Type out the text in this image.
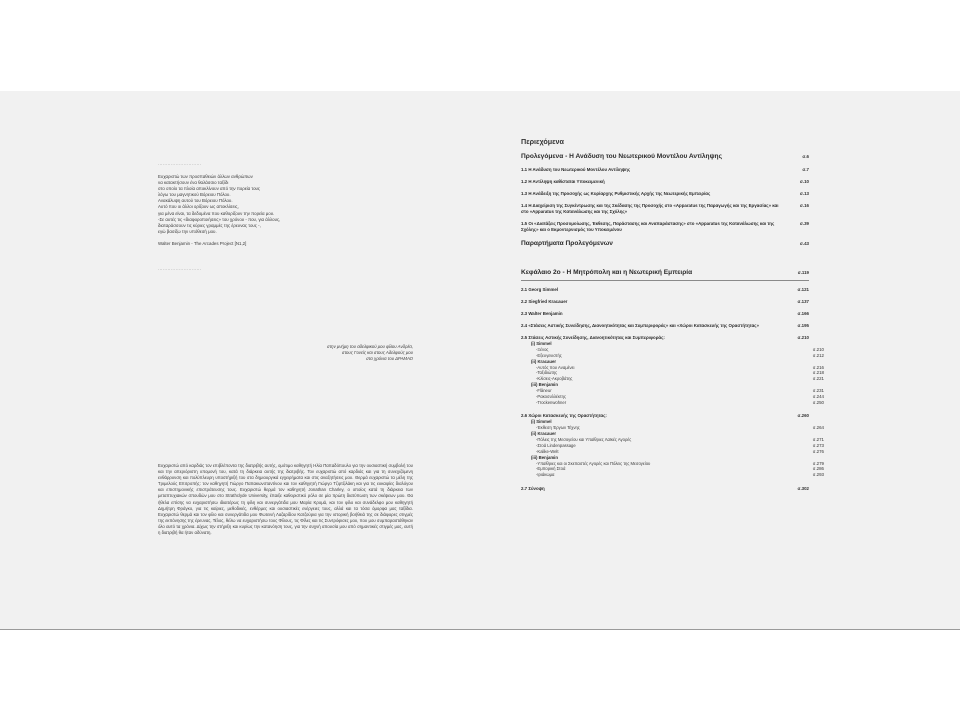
...........................
Ευχαριστώ των προσπαθειών άλλων ανθρώπων
να κατακτήσουν ένα θαλάσσιο ταξίδι
στο οποίο τα πλοία αποκλίνουν από την πορεία τους
λόγω του μαγνητικού Βόρειου Πόλου.
Ανακάλυψη αυτού του Βόρειου Πόλου.
Αυτό που οι άλλοι ορίζουν ως αποκλίσεις,
για μένα είναι, τα δεδομένα που καθορίζουν την πορεία μου.
-Σε αυτές τις «διαφοροποιήσεις» του χρόνου - που, για άλλους,
διαταράσσουν τις κύριες γραμμές της έρευνας τους -,
εγώ βασίζω την υπόθεσή μου.
Walter Benjamin - The Arcades Project [N1,2]
...........................
στην μνήμη του αδελφικού μου φίλου Ανδρέα,
στους Γονείς και στους Αδελφούς μου
στα χρόνια του ΔΡΑΜΑΟ
Ευχαριστώ από καρδιάς τον επιβλέποντα της διατριβής αυτής, ομότιμο καθηγητή Ηλία Παπαδόπουλο για την ουσιαστική συμβολή του και την απεριόριστη υπομονή του, κατά τη διάρκεια αυτής της διατριβής. Τον ευχαριστώ από καρδιάς και για τη συνεχιζόμενη ενθάρρυνση και πολύπλευρη υποστήριξή του στα δημιουργικά εγχειρήματα και στις αναζητήσεις μου. Θερμά ευχαριστώ τα μέλη της Τριμελούς Επιτροπής: τον καθηγητή Γιώργο Παπακωνσταντίνου και τον καθηγητή Γιώργο Τζιρτζιλάκη και για τις ευκαιρίες διαλόγου και επιστημονικής επιστράτευσης τους. Ευχαριστώ θερμά τον καθηγητή Jonathan Charley, ο οποίος κατά τη διάρκεια των μεταπτυχιακών σπουδών μου στο Strathclyde University, έπαιξε καθοριστικό ρόλο σε μία πρώτη διατύπωση των σκέψεων μου. Θα ήθελα επίσης να ευχαριστήσω ιδιαιτέρως τη φίλη και συνεργάτιδα μου Μαρία Κρομά, και τον φίλο και συνάδελφο μου καθηγητή Δημήτρη Φράγκο, για τις καίριες, μεθοδικές, ενθέρμες και ουσιαστικές ενέργειες τους, αλλά και τα τόσα όμορφα μας ταξίδια. Ευχαριστώ θερμά και τον φίλο και συνεργάτιδα μου Φωτεινή Λαζαρίδου Κατζούρια για την ιστορική βοήθειά της σε διάφορες στιγμές της εκπόνησης της έρευνας. Τέλος, θέλω να ευχαριστήσω τους Φίλους, τις Φίλες και τις Συντρόφισες μου, που μου συμπαραστάθηκαν όλο αυτό τα χρόνια. Δίχως την στήριξη και κυρίως την κατανόηση τους, για την συχνή απουσία μου από σημαντικές στιγμές μας, αυτή η διατριβή θα ήταν αδύνατη.
Περιεχόμενα
Προλεγόμενα - Η Ανάδυση του Νεωτερικού Μοντέλου Αντίληψης	σ.6
1.1 Η Ανάδυση του Νεωτερικού Μοντέλου Αντίληψης	σ.7
1.2 Η Αντίληψη καθίσταται Υποκειμενική	σ.10
1.3 Η Ανάδειξη της Προσοχής ως Κυρίαρχης Ρυθμιστικής Αρχής της Νεωτερικής Εμπειρίας	σ.13
1.4 Η Διαχείριση της Συγκέντρωσης και της Σκέδασης της Προσοχής στο «Apparatus της Παραγωγής και της Εργασίας» και στο «Apparatus της Κατανάλωσης και της Σχόλης»
σ.16
1.5 Οι «Διατάξεις Προσομοίωσης, Έκθεσης, Παράστασης και Αναπαράστασης» στο «Apparatus της Κατανάλωσης και της Σχόλης» και ο Εκμοντερνισμός του Υποκειμένου
σ.39
Παραρτήματα Προλεγόμενων	σ.43
Κεφάλαιο 2ο - Η Μητρόπολη και η Νεωτερική Εμπειρία	σ.119
2.1 Georg Simmel	σ.121
2.2 Siegfried Kracauer	σ.137
2.3 Walter Benjamin	σ.166
2.4 «Στάσεις Αστικής Συνείδησης, Διανοητικότητας και Συμπεριφοράς» και «Χώροι Κατασκευής της Οραστήτητας»	σ.195
2.5 Στάσεις Αστικής Συνείδησης, Διανοητικότητας και Συμπεριφοράς:	σ.210
(i) Simmel
-Ξένος	σ.210
-Εξευγενιστής	σ.212
(ii) Kracauer
-Αυτός που Αναμένει	σ.216
-Ταξιδιώτης	σ.218
-Κλίσεις-Ακροβάτης	σ.221
(iii) Benjamin
-Flâneur	σ.231
-Ρακοσυλλέκτης	σ.244
-Trockenwohner	σ.250
2.6 Χώροι Κατασκευής της Οραστήτητας:	σ.260
(i) Simmel
-Έκθεση Έργων Τέχνης	σ.264
(ii) Kracauer
-Πόλεις της Μεσογείου και Υπαίθριες Λαϊκές Αγορές	σ.271
-Στοά Lindenpassage	σ.273
-Kalike-Welt	σ.276
(iii) Benjamin
-Υπαίθριες και οι Σκεπαστές Αγορές και Πόλεις της Μεσογείου	σ.279
-Εμπορική Στοά	σ.286
-Ιριάκωμα	σ.293
2.7 Σύνοψη	σ.302
